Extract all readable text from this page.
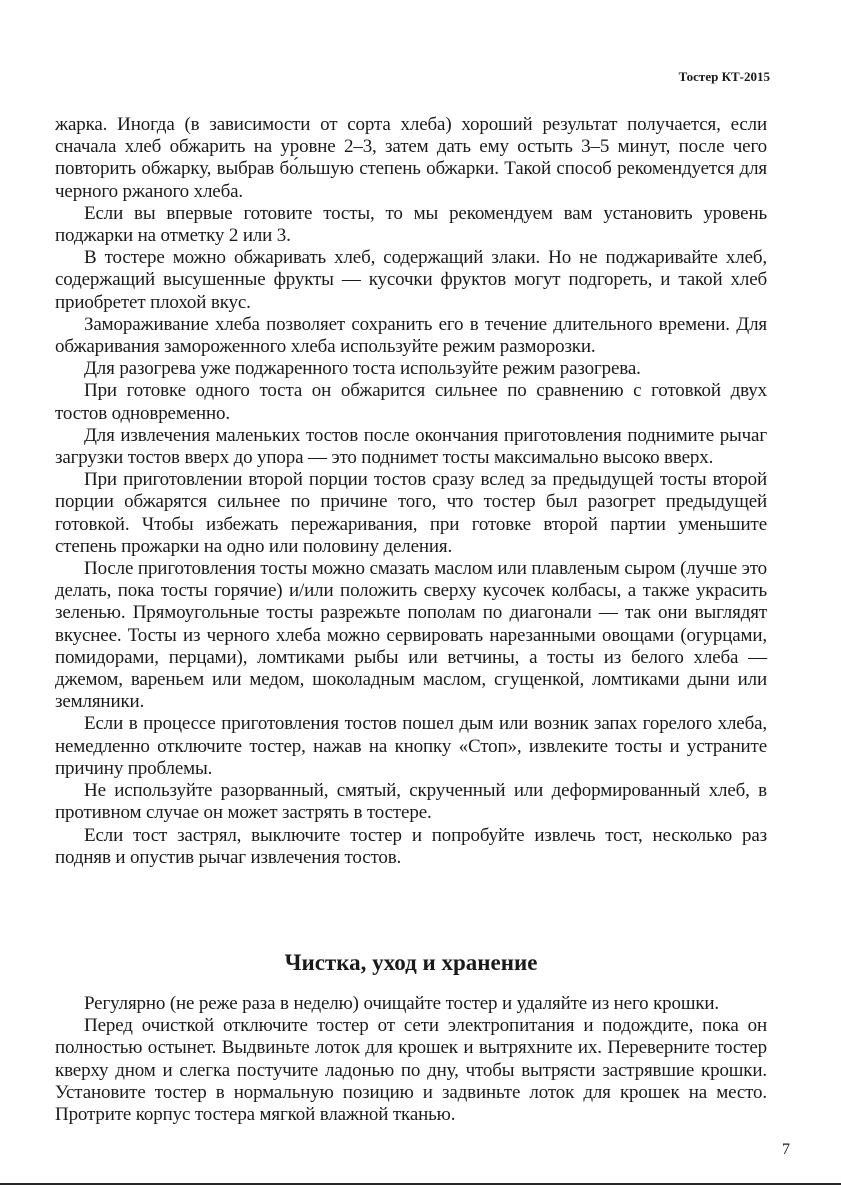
Тостер КТ-2015

жарка. Иногда (в зависимости от сорта хлеба) хороший результат получается, если сначала хлеб обжарить на уровне 2–3, затем дать ему остыть 3–5 минут, после чего повторить обжарку, выбрав бо́льшую степень обжарки. Такой способ рекомендуется для черного ржаного хлеба.

Если вы впервые готовите тосты, то мы рекомендуем вам установить уровень поджарки на отметку 2 или 3.

В тостере можно обжаривать хлеб, содержащий злаки. Но не поджаривайте хлеб, содержащий высушенные фрукты — кусочки фруктов могут подгореть, и такой хлеб приобретет плохой вкус.

Замораживание хлеба позволяет сохранить его в течение длительного времени. Для обжаривания замороженного хлеба используйте режим разморозки.

Для разогрева уже поджаренного тоста используйте режим разогрева.

При готовке одного тоста он обжарится сильнее по сравнению с готовкой двух тостов одновременно.

Для извлечения маленьких тостов после окончания приготовления поднимите рычаг загрузки тостов вверх до упора — это поднимет тосты максимально высоко вверх.

При приготовлении второй порции тостов сразу вслед за предыдущей тосты второй порции обжарятся сильнее по причине того, что тостер был разогрет предыдущей готовкой. Чтобы избежать пережаривания, при готовке второй партии уменьшите степень прожарки на одно или половину деления.

После приготовления тосты можно смазать маслом или плавленым сыром (лучше это делать, пока тосты горячие) и/или положить сверху кусочек колбасы, а также украсить зеленью. Прямоугольные тосты разрежьте пополам по диагонали — так они выглядят вкуснее. Тосты из черного хлеба можно сервировать нарезанными овощами (огурцами, помидорами, перцами), ломтиками рыбы или ветчины, а тосты из белого хлеба — джемом, вареньем или медом, шоколадным маслом, сгущенкой, ломтиками дыни или земляники.

Если в процессе приготовления тостов пошел дым или возник запах горелого хлеба, немедленно отключите тостер, нажав на кнопку «Стоп», извлеките тосты и устраните причину проблемы.

Не используйте разорванный, смятый, скрученный или деформированный хлеб, в противном случае он может застрять в тостере.

Если тост застрял, выключите тостер и попробуйте извлечь тост, несколько раз подняв и опустив рычаг извлечения тостов.

Чистка, уход и хранение

Регулярно (не реже раза в неделю) очищайте тостер и удаляйте из него крошки.

Перед очисткой отключите тостер от сети электропитания и подождите, пока он полностью остынет. Выдвиньте лоток для крошек и вытряхните их. Переверните тостер кверху дном и слегка постучите ладонью по дну, чтобы вытрясти застрявшие крошки. Установите тостер в нормальную позицию и задвиньте лоток для крошек на место. Протрите корпус тостера мягкой влажной тканью.

7
